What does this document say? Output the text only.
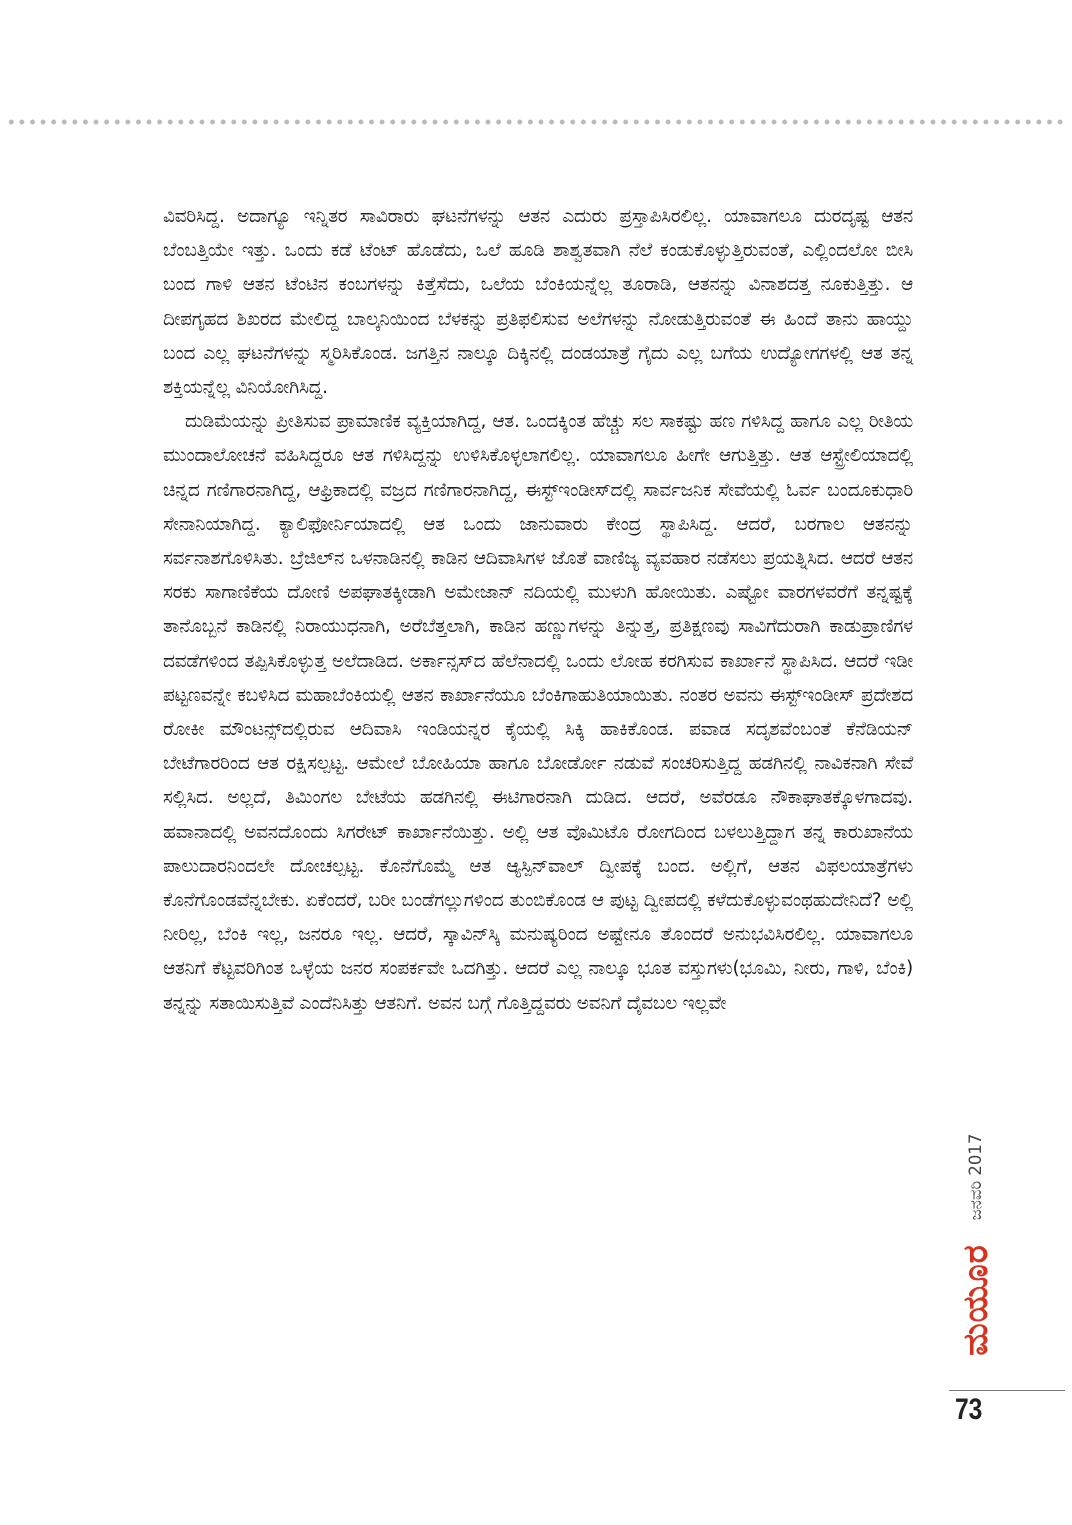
ವಿವರಿಸಿದ್ದ. ಅದಾಗ್ಯೂ ಇನ್ನಿತರ ಸಾವಿರಾರು ಘಟನೆಗಳನ್ನು ಆತನ ಎದುರು ಪ್ರಸ್ತಾಪಿಸಿರಲಿಲ್ಲ. ಯಾವಾಗಲೂ ದುರದೃಷ್ಟ ಆತನ ಬೆಂಬತ್ತಿಯೇ ಇತ್ತು. ಒಂದು ಕಡೆ ಟೆಂಟ್ ಹೊಡೆದು, ಒಲೆ ಹೂಡಿ ಶಾಶ್ವತವಾಗಿ ನೆಲೆ ಕಂಡುಕೊಳ್ಳುತ್ತಿರುವಂತೆ, ಎಲ್ಲಿಂದಲೋ ಬೀಸಿ ಬಂದ ಗಾಳಿ ಆತನ ಟೆಂಟಿನ ಕಂಬಗಳನ್ನು ಕಿತ್ತೆಸೆದು, ಒಲೆಯ ಬೆಂಕಿಯನ್ನೆಲ್ಲ ತೂರಾಡಿ, ಆತನನ್ನು ವಿನಾಶದತ್ತ ನೂಕುತ್ತಿತ್ತು. ಆ ದೀಪಗೃಹದ ಶಿಖರದ ಮೇಲಿದ್ದ ಬಾಲ್ಕನಿಯಿಂದ ಬೆಳಕನ್ನು ಪ್ರತಿಫಲಿಸುವ ಅಲೆಗಳನ್ನು ನೋಡುತ್ತಿರುವಂತೆ ಈ ಹಿಂದೆ ತಾನು ಹಾಯ್ದು ಬಂದ ಎಲ್ಲ ಘಟನೆಗಳನ್ನು ಸ್ಮರಿಸಿಕೊಂಡ. ಜಗತ್ತಿನ ನಾಲ್ಕೂ ದಿಕ್ಕಿನಲ್ಲಿ ದಂಡಯಾತ್ರೆ ಗೈದು ಎಲ್ಲ ಬಗೆಯ ಉದ್ಯೋಗಗಳಲ್ಲಿ ಆತ ತನ್ನ ಶಕ್ತಿಯನ್ನೆಲ್ಲ ವಿನಿಯೋಗಿಸಿದ್ದ.

ದುಡಿಮೆಯನ್ನು ಪ್ರೀತಿಸುವ ಪ್ರಾಮಾಣಿಕ ವ್ಯಕ್ತಿಯಾಗಿದ್ದ, ಆತ. ಒಂದಕ್ಕಿಂತ ಹೆಚ್ಚು ಸಲ ಸಾಕಷ್ಟು ಹಣ ಗಳಿಸಿದ್ದ ಹಾಗೂ ಎಲ್ಲ ರೀತಿಯ ಮುಂದಾಲೋಚನೆ ವಹಿಸಿದ್ದರೂ ಆತ ಗಳಿಸಿದ್ದನ್ನು ಉಳಿಸಿಕೊಳ್ಳಲಾಗಲಿಲ್ಲ. ಯಾವಾಗಲೂ ಹೀಗೇ ಆಗುತ್ತಿತ್ತು. ಆತ ಆಸ್ಟ್ರೇಲಿಯಾದಲ್ಲಿ ಚಿನ್ನದ ಗಣಿಗಾರನಾಗಿದ್ದ, ಆಫ್ರಿಕಾದಲ್ಲಿ ವಜ್ರದ ಗಣಿಗಾರನಾಗಿದ್ದ, ಈಸ್ಟ್‌ಇಂಡೀಸ್‌ದಲ್ಲಿ ಸಾರ್ವಜನಿಕ ಸೇವೆಯಲ್ಲಿ ಓರ್ವ ಬಂದೂಕುಧಾರಿ ಸೇನಾನಿಯಾಗಿದ್ದ. ಕ್ಯಾಲಿಫೋರ್ನಿಯಾದಲ್ಲಿ ಆತ ಒಂದು ಜಾನುವಾರು ಕೇಂದ್ರ ಸ್ಥಾಪಿಸಿದ್ದ. ಆದರೆ, ಬರಗಾಲ ಆತನನ್ನು ಸರ್ವನಾಶಗೊಳಿಸಿತು. ಬ್ರೆಜಿಲ್‌ನ ಒಳನಾಡಿನಲ್ಲಿ ಕಾಡಿನ ಆದಿವಾಸಿಗಳ ಜೊತೆ ವಾಣಿಜ್ಯ ವ್ಯವಹಾರ ನಡೆಸಲು ಪ್ರಯತ್ನಿಸಿದ. ಆದರೆ ಆತನ ಸರಕು ಸಾಗಾಣಿಕೆಯ ದೋಣಿ ಅಪಘಾತಕ್ಕೀಡಾಗಿ ಅಮೇಜಾನ್ ನದಿಯಲ್ಲಿ ಮುಳುಗಿ ಹೋಯಿತು. ಎಷ್ಟೋ ವಾರಗಳವರೆಗೆ ತನ್ನಷ್ಟಕ್ಕೆ ತಾನೊಬ್ಬನೆ ಕಾಡಿನಲ್ಲಿ ನಿರಾಯುಧನಾಗಿ, ಅರೆಬೆತ್ತಲಾಗಿ, ಕಾಡಿನ ಹಣ್ಣುಗಳನ್ನು ತಿನ್ನುತ್ತ, ಪ್ರತಿಕ್ಷಣವು ಸಾವಿಗೆದುರಾಗಿ ಕಾಡುಪ್ರಾಣಿಗಳ ದವಡೆಗಳಿಂದ ತಪ್ಪಿಸಿಕೊಳ್ಳುತ್ತ ಅಲೆದಾಡಿದ. ಅರ್ಕಾನ್ಸಸ್‌ದ ಹೆಲೆನಾದಲ್ಲಿ ಒಂದು ಲೋಹ ಕರಗಿಸುವ ಕಾರ್ಖಾನೆ ಸ್ಥಾಪಿಸಿದ. ಆದರೆ ಇಡೀ ಪಟ್ಟಣವನ್ನೇ ಕಬಳಿಸಿದ ಮಹಾಬೆಂಕಿಯಲ್ಲಿ ಆತನ ಕಾರ್ಖಾನೆಯೂ ಬೆಂಕಿಗಾಹುತಿಯಾಯಿತು. ನಂತರ ಅವನು ಈಸ್ಟ್‌ಇಂಡೀಸ್ ಪ್ರದೇಶದ ರೋಕೀ ಮೌಂಟನ್ಸ್‌ದಲ್ಲಿರುವ ಆದಿವಾಸಿ ಇಂಡಿಯನ್ನರ ಕೈಯಲ್ಲಿ ಸಿಕ್ಕಿ ಹಾಕಿಕೊಂಡ. ಪವಾಡ ಸದೃಶವೆಂಬಂತೆ ಕೆನೆಡಿಯನ್ ಬೇಟೆಗಾರರಿಂದ ಆತ ರಕ್ಷಿಸಲ್ಪಟ್ಟ. ಆಮೇಲೆ ಬೋಹಿಯಾ ಹಾಗೂ ಬೋರ್ಡೋ ನಡುವೆ ಸಂಚರಿಸುತ್ತಿದ್ದ ಹಡಗಿನಲ್ಲಿ ನಾವಿಕನಾಗಿ ಸೇವೆ ಸಲ್ಲಿಸಿದ. ಅಲ್ಲದೆ, ತಿಮಿಂಗಲ ಬೇಟೆಯ ಹಡಗಿನಲ್ಲಿ ಈಟಿಗಾರನಾಗಿ ದುಡಿದ. ಆದರೆ, ಅವೆರಡೂ ನೌಕಾಘಾತಕ್ಕೊಳಗಾದವು. ಹವಾನಾದಲ್ಲಿ ಅವನದೊಂದು ಸಿಗರೇಟ್ ಕಾರ್ಖಾನೆಯಿತ್ತು. ಅಲ್ಲಿ ಆತ ವೊಮಿಟೊ ರೋಗದಿಂದ ಬಳಲುತ್ತಿದ್ದಾಗ ತನ್ನ ಕಾರುಖಾನೆಯ ಪಾಲುದಾರನಿಂದಲೇ ದೋಚಲ್ಪಟ್ಟ. ಕೊನೆಗೊಮ್ಮೆ ಆತ ಆ್ಯಸ್ಪಿನ್‌ವಾಲ್ ದ್ವೀಪಕ್ಕೆ ಬಂದ. ಅಲ್ಲಿಗೆ, ಆತನ ವಿಫಲಯಾತ್ರೆಗಳು ಕೊನೆಗೊಂಡವೆನ್ನಬೇಕು. ಏಕೆಂದರೆ, ಬರೀ ಬಂಡೆಗಲ್ಲುಗಳಿಂದ ತುಂಬಿಕೊಂಡ ಆ ಪುಟ್ಟ ದ್ವೀಪದಲ್ಲಿ ಕಳೆದುಕೊಳ್ಳುವಂಥಹುದೇನಿದೆ? ಅಲ್ಲಿ ನೀರಿಲ್ಲ, ಬೆಂಕಿ ಇಲ್ಲ, ಜನರೂ ಇಲ್ಲ. ಆದರೆ, ಸ್ಕಾವಿನ್‌ಸ್ಕಿ ಮನುಷ್ಯರಿಂದ ಅಷ್ಟೇನೂ ತೊಂದರೆ ಅನುಭವಿಸಿರಲಿಲ್ಲ. ಯಾವಾಗಲೂ ಆತನಿಗೆ ಕೆಟ್ಟವರಿಗಿಂತ ಒಳ್ಳೆಯ ಜನರ ಸಂಪರ್ಕವೇ ಒದಗಿತ್ತು. ಆದರೆ ಎಲ್ಲ ನಾಲ್ಕೂ ಭೂತ ವಸ್ತುಗಳು(ಭೂಮಿ, ನೀರು, ಗಾಳಿ, ಬೆಂಕಿ) ತನ್ನನ್ನು ಸತಾಯಿಸುತ್ತಿವೆ ಎಂದೆನಿಸಿತ್ತು ಆತನಿಗೆ. ಅವನ ಬಗ್ಗೆ ಗೊತ್ತಿದ್ದವರು ಅವನಿಗೆ ದೈವಬಲ ಇಲ್ಲವೇ

ಜನವರಿ 2017
ಮಯೂರ
73
